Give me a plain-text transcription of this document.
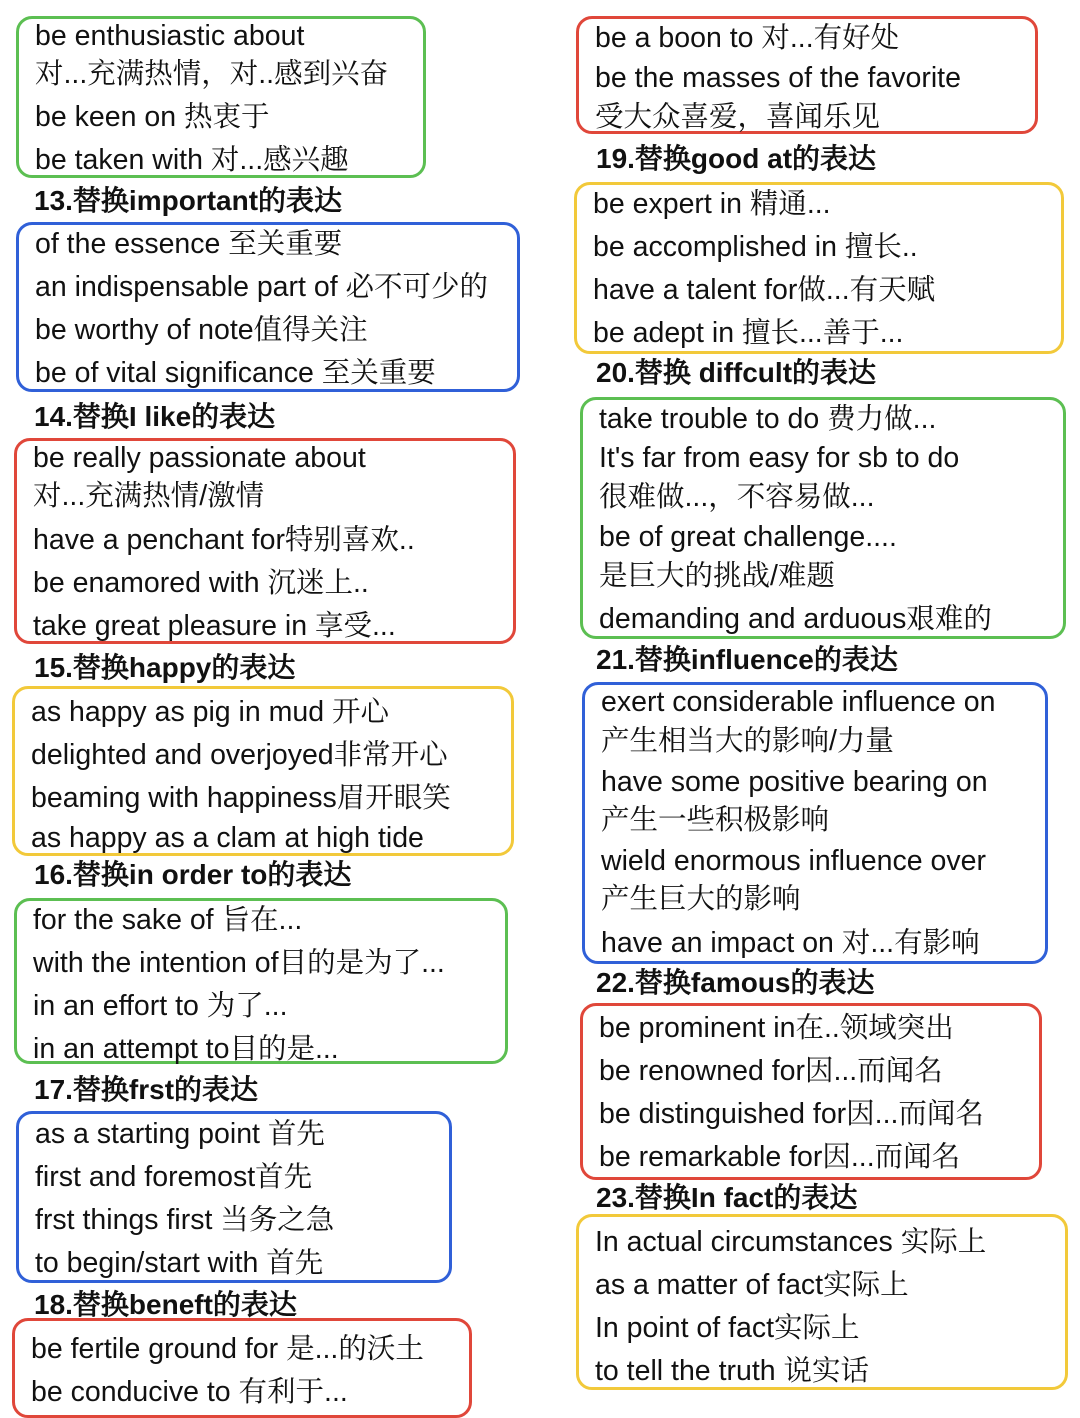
be enthusiastic about
对...充满热情，对..感到兴奋
be keen on 热衷于
be taken with 对...感兴趣
13.替换important的表达
of the essence 至关重要
an indispensable part of 必不可少的
be worthy of note值得关注
be of vital significance 至关重要
14.替换I like的表达
be really passionate about
对...充满热情/激情
have a penchant for特别喜欢..
be enamored with 沉迷上..
take great pleasure in 享受...
15.替换happy的表达
as happy as pig in mud 开心
delighted and overjoyed非常开心
beaming with happiness眉开眼笑
as happy as a clam at high tide
16.替换in order to的表达
for the sake of 旨在...
with the intention of目的是为了...
in an effort to 为了...
in an attempt to目的是...
17.替换frst的表达
as a starting point 首先
first and foremost首先
frst things first 当务之急
to begin/start with 首先
18.替换beneft的表达
be fertile ground for 是...的沃土
be conducive to 有利于...
be a boon to 对...有好处
be the masses of the favorite
受大众喜爱，喜闻乐见
19.替换good at的表达
be expert in 精通...
be accomplished in 擅长..
have a talent for做...有天赋
be adept in 擅长...善于...
20.替换 diffcult的表达
take trouble to do 费力做...
It's far from easy for sb to do
很难做...，不容易做...
be of great challenge....
是巨大的挑战/难题
demanding and arduous艰难的
21.替换influence的表达
exert considerable influence on
产生相当大的影响/力量
have some positive bearing on
产生一些积极影响
wield enormous influence over
产生巨大的影响
have an impact on 对...有影响
22.替换famous的表达
be prominent in在..领域突出
be renowned for因...而闻名
be distinguished for因...而闻名
be remarkable for因...而闻名
23.替换In fact的表达
In actual circumstances 实际上
as a matter of fact实际上
In point of fact实际上
to tell the truth 说实话
